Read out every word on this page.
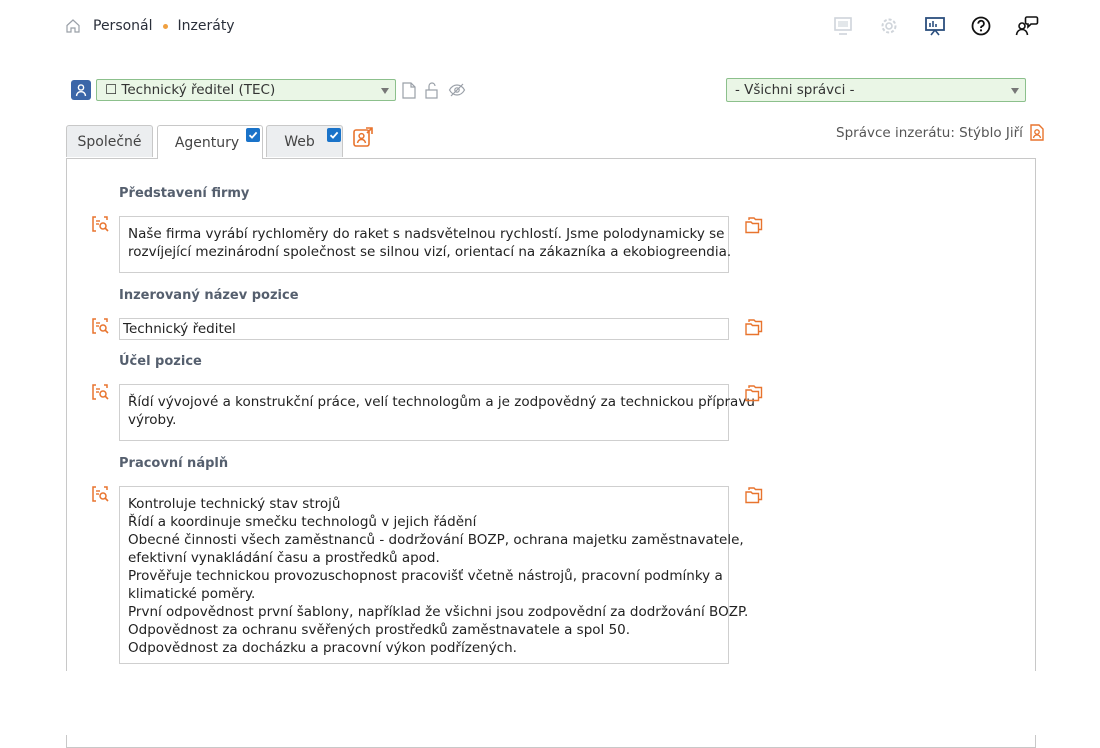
Personál Inzeráty
☐ Technický ředitel (TEC)	- Všichni správci -
Společné Agentury	Web
Správce inzerátu: Stýblo Jiří
Představení firmy
Naše firma vyrábí rychloměry do raket s nadsvětelnou rychlostí. Jsme polodynamicky se
rozvíjející mezinárodní společnost se silnou vizí, orientací na zákazníka a ekobiogreendia.
Inzerovaný název pozice
Technický ředitel
Účel pozice
Řídí vývojové a konstrukční práce, velí technologům a je zodpovědný za technickou přípravu
výroby.
Pracovní náplň
Kontroluje technický stav strojů
Řídí a koordinuje smečku technologů v jejich řádění
Obecné činnosti všech zaměstnanců - dodržování BOZP, ochrana majetku zaměstnavatele,
efektivní vynakládání času a prostředků apod.
Prověřuje technickou provozuschopnost pracovišť včetně nástrojů, pracovní podmínky a
klimatické poměry.
První odpovědnost první šablony, například že všichni jsou zodpovědní za dodržování BOZP.
Odpovědnost za ochranu svěřených prostředků zaměstnavatele a spol 50.
Odpovědnost za docházku a pracovní výkon podřízených.
